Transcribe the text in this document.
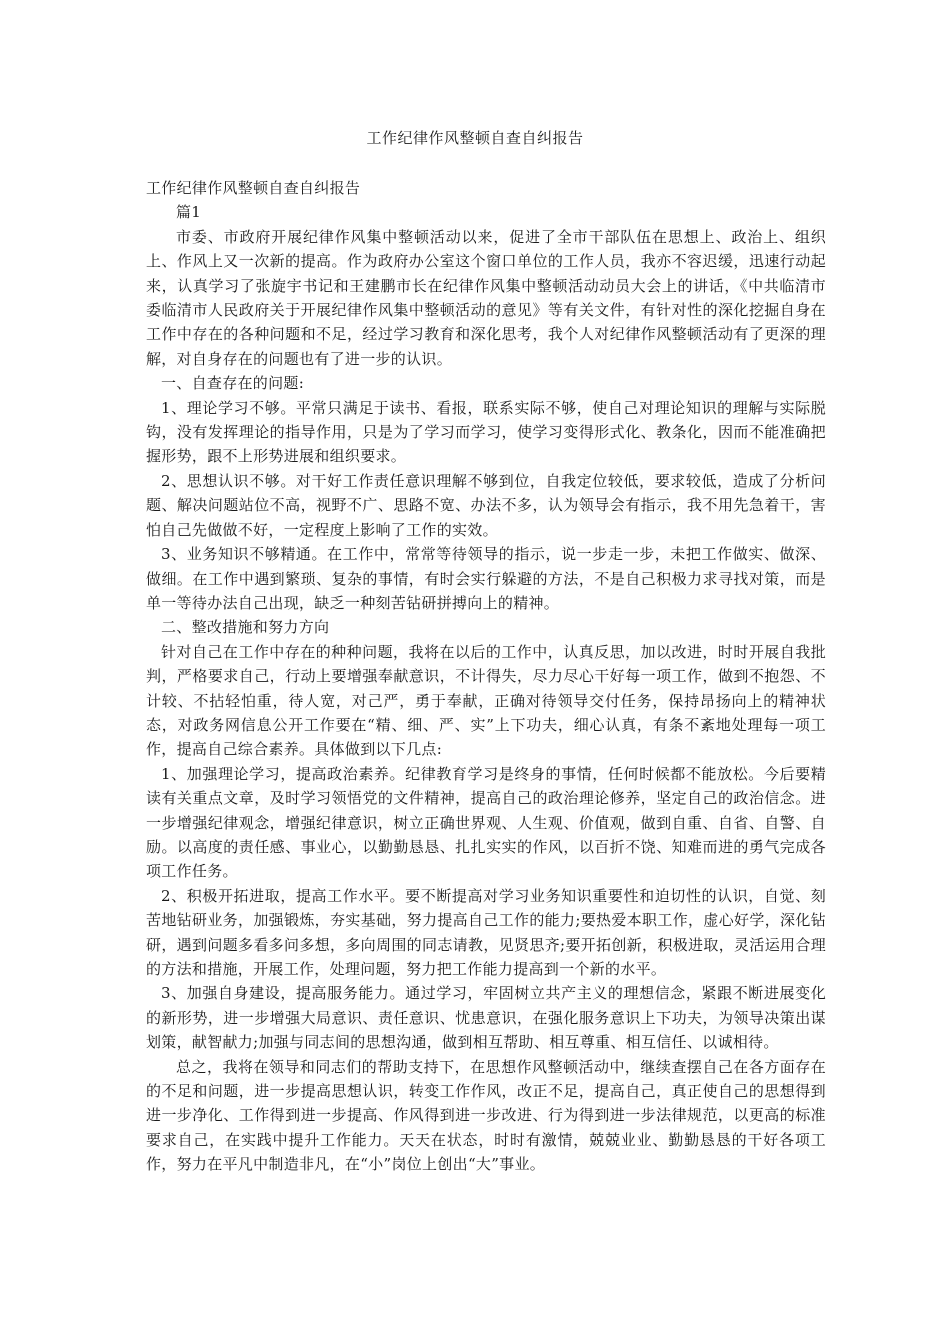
工作纪律作风整顿自查自纠报告

工作纪律作风整顿自查自纠报告

篇1

市委、市政府开展纪律作风集中整顿活动以来，促进了全市干部队伍在思想上、政治上、组织上、作风上又一次新的提高。作为政府办公室这个窗口单位的工作人员，我亦不容迟缓，迅速行动起来，认真学习了张旋宇书记和王建鹏市长在纪律作风集中整顿活动动员大会上的讲话，《中共临清市委临清市人民政府关于开展纪律作风集中整顿活动的意见》等有关文件，有针对性的深化挖掘自身在工作中存在的各种问题和不足，经过学习教育和深化思考，我个人对纪律作风整顿活动有了更深的理解，对自身存在的问题也有了进一步的认识。

一、自查存在的问题:

1、理论学习不够。平常只满足于读书、看报，联系实际不够，使自己对理论知识的理解与实际脱钩，没有发挥理论的指导作用，只是为了学习而学习，使学习变得形式化、教条化，因而不能准确把握形势，跟不上形势进展和组织要求。

2、思想认识不够。对干好工作责任意识理解不够到位，自我定位较低，要求较低，造成了分析问题、解决问题站位不高，视野不广、思路不宽、办法不多，认为领导会有指示，我不用先急着干，害怕自己先做做不好，一定程度上影响了工作的实效。

3、业务知识不够精通。在工作中，常常等待领导的指示，说一步走一步，未把工作做实、做深、做细。在工作中遇到繁琐、复杂的事情，有时会实行躲避的方法，不是自己积极力求寻找对策，而是单一等待办法自己出现，缺乏一种刻苦钻研拼搏向上的精神。

二、整改措施和努力方向

针对自己在工作中存在的种种问题，我将在以后的工作中，认真反思，加以改进，时时开展自我批判，严格要求自己，行动上要增强奉献意识，不计得失，尽力尽心干好每一项工作，做到不抱怨、不计较、不拈轻怕重，待人宽，对己严，勇于奉献，正确对待领导交付任务，保持昂扬向上的精神状态，对政务网信息公开工作要在“精、细、严、实”上下功夫，细心认真，有条不紊地处理每一项工作，提高自己综合素养。具体做到以下几点:

1、加强理论学习，提高政治素养。纪律教育学习是终身的事情，任何时候都不能放松。今后要精读有关重点文章，及时学习领悟党的文件精神，提高自己的政治理论修养，坚定自己的政治信念。进一步增强纪律观念，增强纪律意识，树立正确世界观、人生观、价值观，做到自重、自省、自警、自励。以高度的责任感、事业心，以勤勤恳恳、扎扎实实的作风，以百折不饶、知难而进的勇气完成各项工作任务。

2、积极开拓进取，提高工作水平。要不断提高对学习业务知识重要性和迫切性的认识，自觉、刻苦地钻研业务，加强锻炼，夯实基础，努力提高自己工作的能力;要热爱本职工作，虚心好学，深化钻研，遇到问题多看多问多想，多向周围的同志请教，见贤思齐;要开拓创新，积极进取，灵活运用合理的方法和措施，开展工作，处理问题，努力把工作能力提高到一个新的水平。

3、加强自身建设，提高服务能力。通过学习，牢固树立共产主义的理想信念，紧跟不断进展变化的新形势，进一步增强大局意识、责任意识、忧患意识，在强化服务意识上下功夫，为领导决策出谋划策，献智献力;加强与同志间的思想沟通，做到相互帮助、相互尊重、相互信任、以诚相待。

总之，我将在领导和同志们的帮助支持下，在思想作风整顿活动中，继续查摆自己在各方面存在的不足和问题，进一步提高思想认识，转变工作作风，改正不足，提高自己，真正使自己的思想得到进一步净化、工作得到进一步提高、作风得到进一步改进、行为得到进一步法律规范，以更高的标准要求自己，在实践中提升工作能力。天天在状态，时时有激情，兢兢业业、勤勤恳恳的干好各项工作，努力在平凡中制造非凡，在“小”岗位上创出“大”事业。
